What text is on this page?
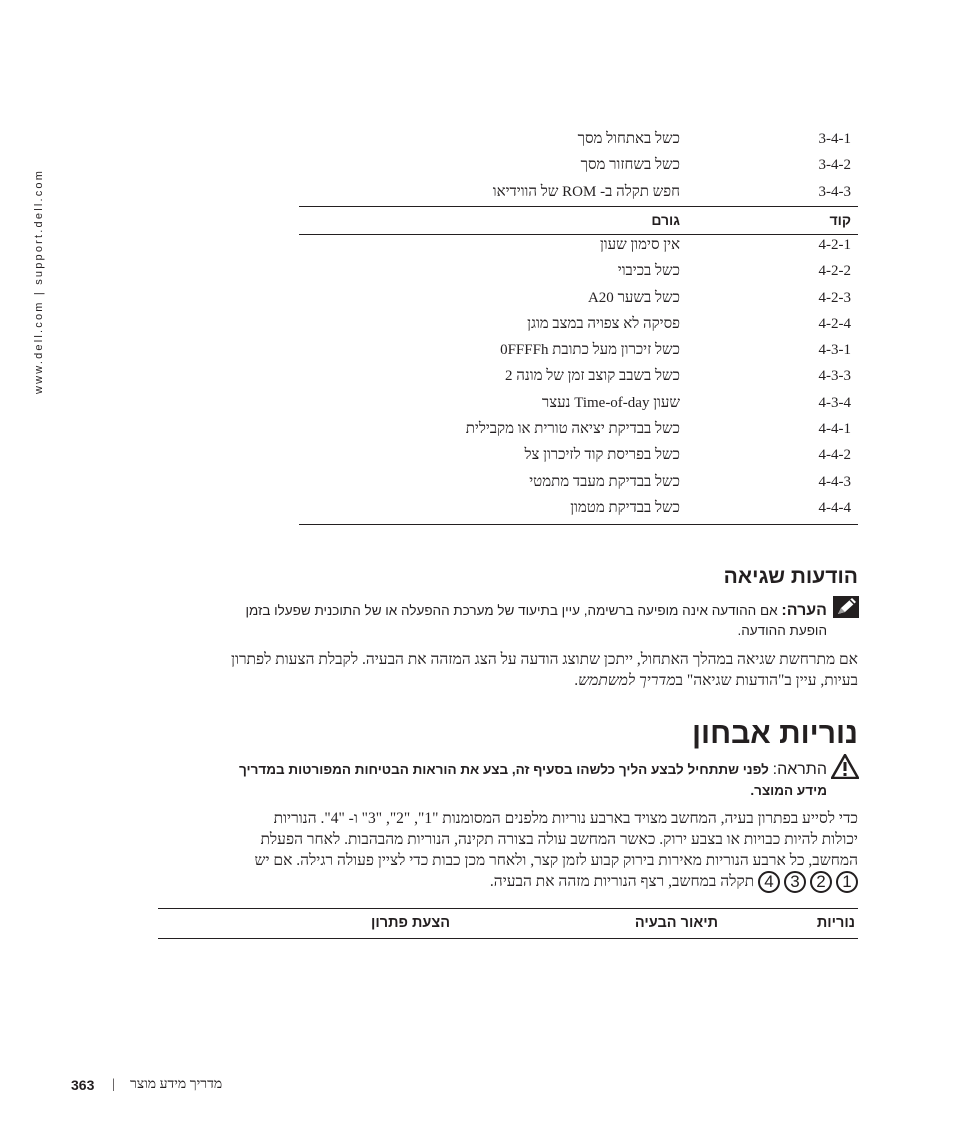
www.dell.com | support.dell.com
3-4-1
כשל באתחול מסך
3-4-2
כשל בשחזור מסך
3-4-3
חפש תקלה ב- ROM של הווידיאו
קוד
גורם
4-2-1
אין סימון שעון
4-2-2
כשל בכיבוי
4-2-3
כשל בשער A20
4-2-4
פסיקה לא צפויה במצב מוגן
4-3-1
כשל זיכרון מעל כתובת 0FFFFh
4-3-3
כשל בשבב קוצב זמן של מונה 2
4-3-4
שעון Time-of-day נעצר
4-4-1
כשל בבדיקת יציאה טורית או מקבילית
4-4-2
כשל בפריסת קוד לזיכרון צל
4-4-3
כשל בבדיקת מעבד מתמטי
4-4-4
כשל בבדיקת מטמון
הודעות שגיאה
הערה: אם ההודעה אינה מופיעה ברשימה, עיין בתיעוד של מערכת ההפעלה או של התוכנית שפעלו בזמן
הופעת ההודעה.
אם מתרחשת שגיאה במהלך האתחול, ייתכן שתוצג הודעה על הצג המזהה את הבעיה. לקבלת הצעות לפתרון
בעיות, עיין ב"הודעות שגיאה" במדריך למשתמש.
נוריות אבחון
התראה: לפני שתתחיל לבצע הליך כלשהו בסעיף זה, בצע את הוראות הבטיחות המפורטות במדריך
מידע המוצר.
כדי לסייע בפתרון בעיה, המחשב מצויד בארבע נוריות מלפנים המסומנות "1", "2", "3" ו- "4". הנוריות
יכולות להיות כבויות או בצבע ירוק. כאשר המחשב עולה בצורה תקינה, הנוריות מהבהבות. לאחר הפעלת
המחשב, כל ארבע הנוריות מאירות בירוק קבוע לזמן קצר, ולאחר מכן כבות כדי לציין פעולה רגילה. אם יש
4 3 2 1
תקלה במחשב, רצף הנוריות מזהה את הבעיה.
נוריות
תיאור הבעיה
הצעת פתרון
363 | מדריך מידע מוצר
